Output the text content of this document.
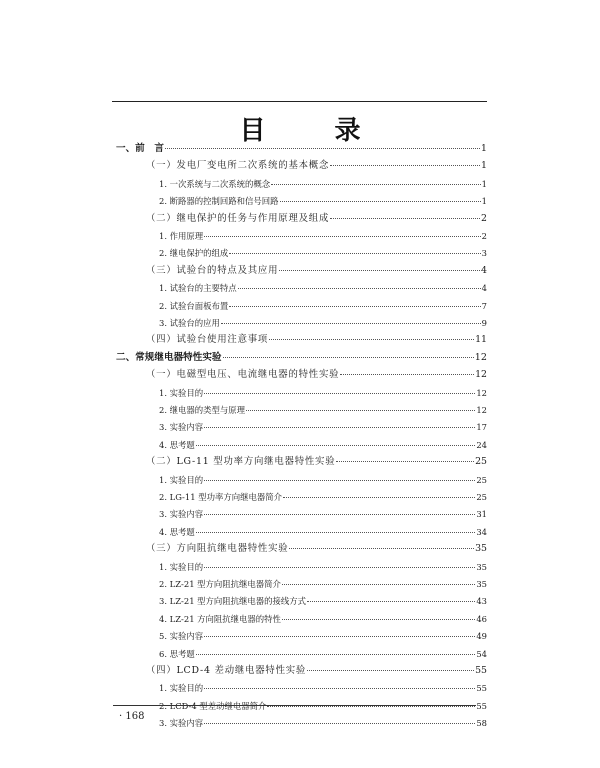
目 录
一、前　言	1
（一）发电厂变电所二次系统的基本概念	1
1. 一次系统与二次系统的概念	1
2. 断路器的控制回路和信号回路	1
（二）继电保护的任务与作用原理及组成	2
1. 作用原理	2
2. 继电保护的组成	3
（三）试验台的特点及其应用	4
1. 试验台的主要特点	4
2. 试验台面板布置	7
3. 试验台的应用	9
（四）试验台使用注意事项	11
二、常规继电器特性实验	12
（一）电磁型电压、电流继电器的特性实验	12
1. 实验目的	12
2. 继电器的类型与原理	12
3. 实验内容	17
4. 思考题	24
（二）LG-11 型功率方向继电器特性实验	25
1. 实验目的	25
2. LG-11 型功率方向继电器简介	25
3. 实验内容	31
4. 思考题	34
（三）方向阻抗继电器特性实验	35
1. 实验目的	35
2. LZ-21 型方向阻抗继电器简介	35
3. LZ-21 型方向阻抗继电器的接线方式	43
4. LZ-21 方向阻抗继电器的特性	46
5. 实验内容	49
6. 思考题	54
（四）LCD-4 差动继电器特性实验	55
1. 实验目的	55
2. LCD-4 型差动继电器简介	55
3. 实验内容	58
· 168
